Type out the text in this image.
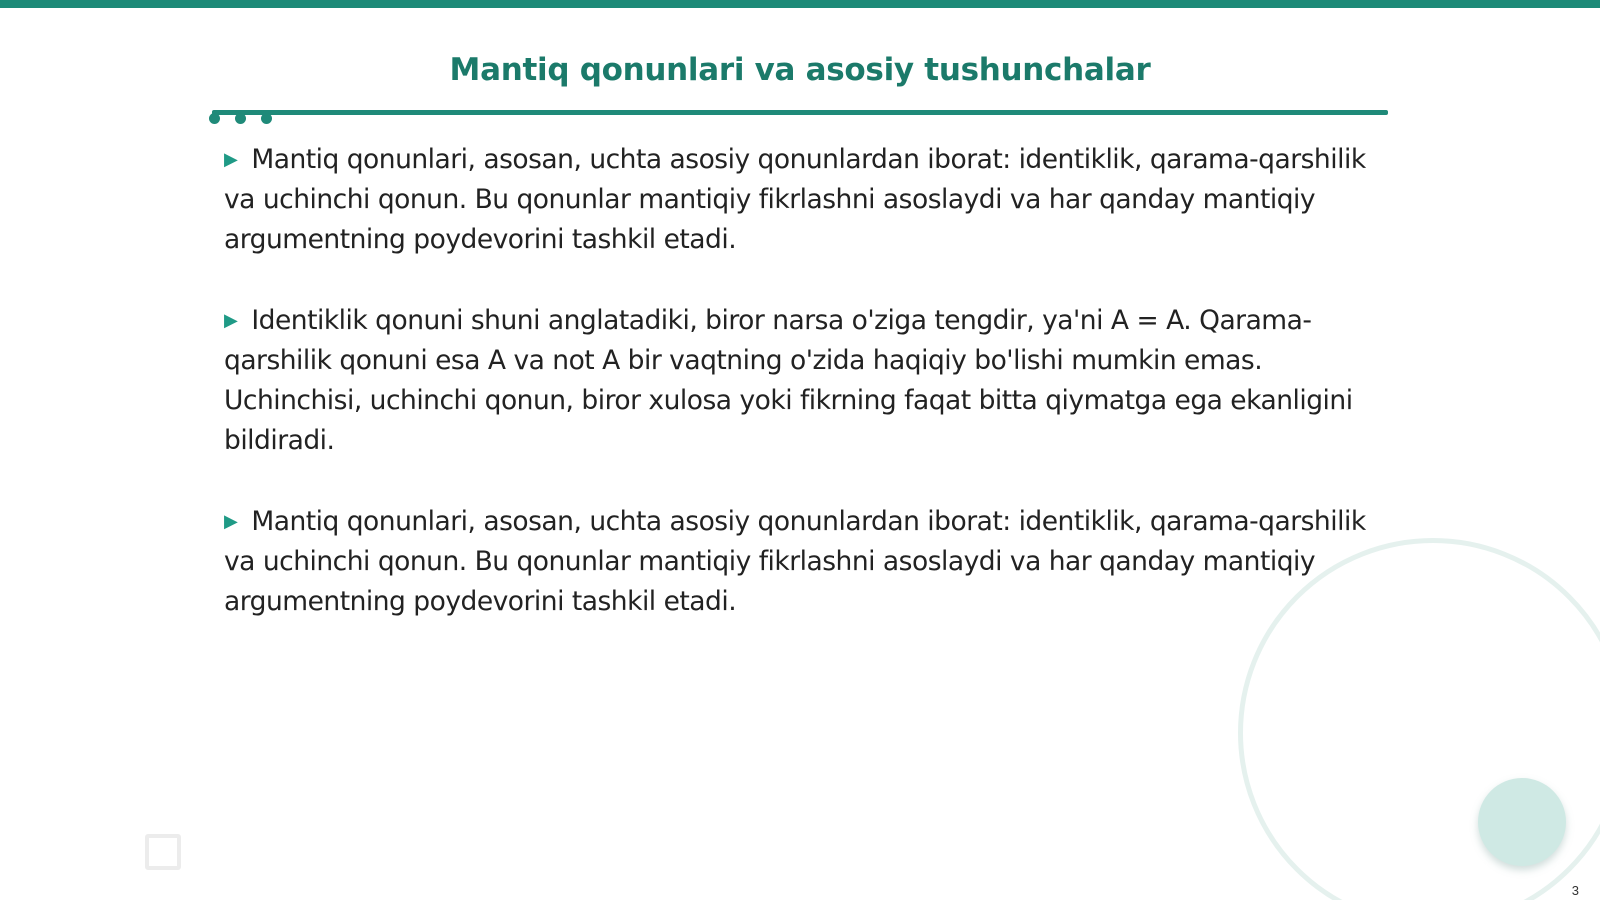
Mantiq qonunlari va asosiy tushunchalar
▶ Mantiq qonunlari, asosan, uchta asosiy qonunlardan iborat: identiklik, qarama-qarshilik va uchinchi qonun. Bu qonunlar mantiqiy fikrlashni asoslaydi va har qanday mantiqiy argumentning poydevorini tashkil etadi.
▶ Identiklik qonuni shuni anglatadiki, biror narsa o'ziga tengdir, ya'ni A = A. Qarama-qarshilik qonuni esa A va not A bir vaqtning o'zida haqiqiy bo'lishi mumkin emas. Uchinchisi, uchinchi qonun, biror xulosa yoki fikrning faqat bitta qiymatga ega ekanligini bildiradi.
▶ Mantiq qonunlari, asosan, uchta asosiy qonunlardan iborat: identiklik, qarama-qarshilik va uchinchi qonun. Bu qonunlar mantiqiy fikrlashni asoslaydi va har qanday mantiqiy argumentning poydevorini tashkil etadi.
3
